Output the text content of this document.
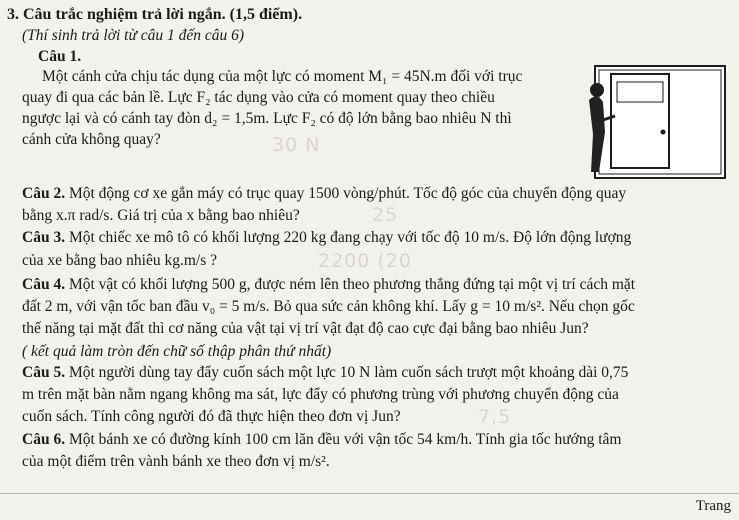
3. Câu trắc nghiệm trả lời ngắn. (1,5 điểm).
(Thí sinh trả lời từ câu 1 đến câu 6)
Câu 1.
Một cánh cửa chịu tác dụng của một lực có moment M₁ = 45N.m đối với trục
quay đi qua các bản lề. Lực F₂ tác dụng vào cửa có moment quay theo chiều
ngược lại và có cánh tay đòn d₂ = 1,5m. Lực F₂ có độ lớn bằng bao nhiêu N thì
cánh cửa không quay?	30 N
Câu 2. Một động cơ xe gắn máy có trục quay 1500 vòng/phút. Tốc độ góc của chuyển động quay
bằng x.π rad/s. Giá trị của x bằng bao nhiêu?	25
Câu 3. Một chiếc xe mô tô có khối lượng 220 kg đang chạy với tốc độ 10 m/s. Độ lớn động lượng
của xe bằng bao nhiêu kg.m/s ?	2200 (20
Câu 4. Một vật có khối lượng 500 g, được ném lên theo phương thẳng đứng tại một vị trí cách mặt
đất 2 m, với vận tốc ban đầu v₀ = 5 m/s. Bỏ qua sức cản không khí. Lấy g = 10 m/s². Nếu chọn gốc
thế năng tại mặt đất thì cơ năng của vật tại vị trí vật đạt độ cao cực đại bằng bao nhiêu Jun?
( kết quả làm tròn đến chữ số thập phân thứ nhất)
Câu 5. Một người dùng tay đẩy cuốn sách một lực 10 N làm cuốn sách trượt một khoảng dài 0,75
m trên mặt bàn nằm ngang không ma sát, lực đẩy có phương trùng với phương chuyển động của
cuốn sách. Tính công người đó đã thực hiện theo đơn vị Jun?	7,5
Câu 6. Một bánh xe có đường kính 100 cm lăn đều với vận tốc 54 km/h. Tính gia tốc hướng tâm
của một điểm trên vành bánh xe theo đơn vị m/s².
Trang
